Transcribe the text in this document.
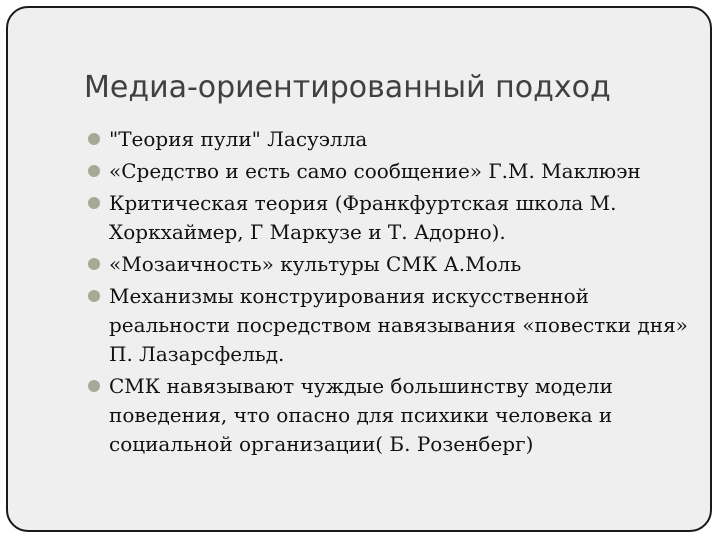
Медиа-ориентированный подход
"Теория пули" Ласуэлла
«Средство и есть само сообщение» Г.М. Маклюэн
Критическая теория (Франкфуртская школа М. Хоркхаймер, Г Маркузе и Т. Адорно).
«Мозаичность» культуры СМК А.Моль
Механизмы конструирования искусственной реальности посредством навязывания «повестки дня» П. Лазарсфельд.
СМК навязывают чуждые большинству модели поведения, что опасно для психики человека и социальной организации( Б. Розенберг)
